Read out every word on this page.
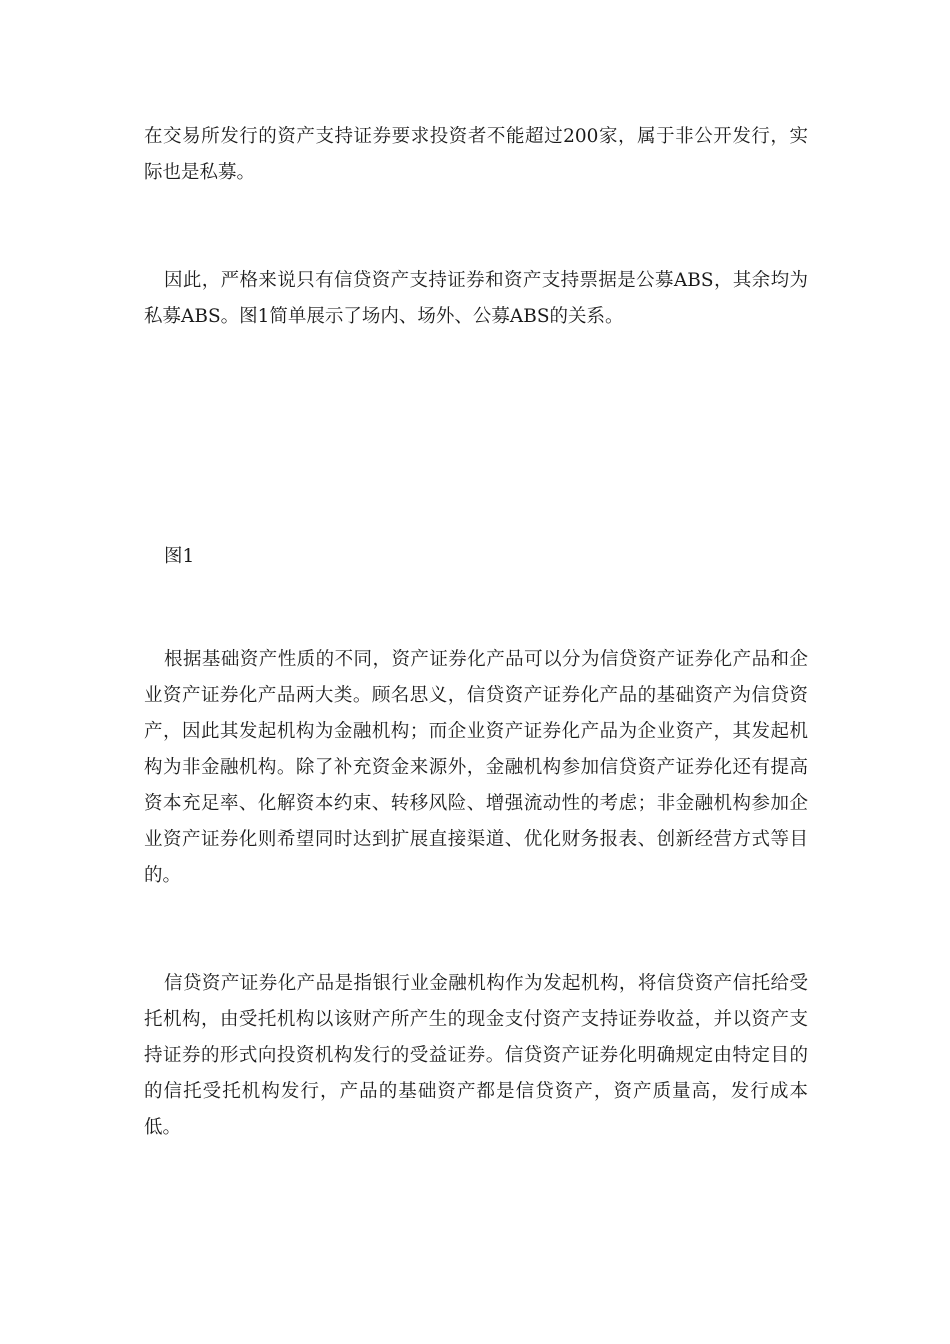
在交易所发行的资产支持证券要求投资者不能超过200家，属于非公开发行，实际也是私募。

因此，严格来说只有信贷资产支持证券和资产支持票据是公募ABS，其余均为私募ABS。图1简单展示了场内、场外、公募ABS的关系。

图1

根据基础资产性质的不同，资产证券化产品可以分为信贷资产证券化产品和企业资产证券化产品两大类。顾名思义，信贷资产证券化产品的基础资产为信贷资产，因此其发起机构为金融机构；而企业资产证券化产品为企业资产，其发起机构为非金融机构。除了补充资金来源外，金融机构参加信贷资产证券化还有提高资本充足率、化解资本约束、转移风险、增强流动性的考虑；非金融机构参加企业资产证券化则希望同时达到扩展直接渠道、优化财务报表、创新经营方式等目的。

信贷资产证券化产品是指银行业金融机构作为发起机构，将信贷资产信托给受托机构，由受托机构以该财产所产生的现金支付资产支持证券收益，并以资产支持证券的形式向投资机构发行的受益证券。信贷资产证券化明确规定由特定目的的信托受托机构发行，产品的基础资产都是信贷资产，资产质量高，发行成本低。
